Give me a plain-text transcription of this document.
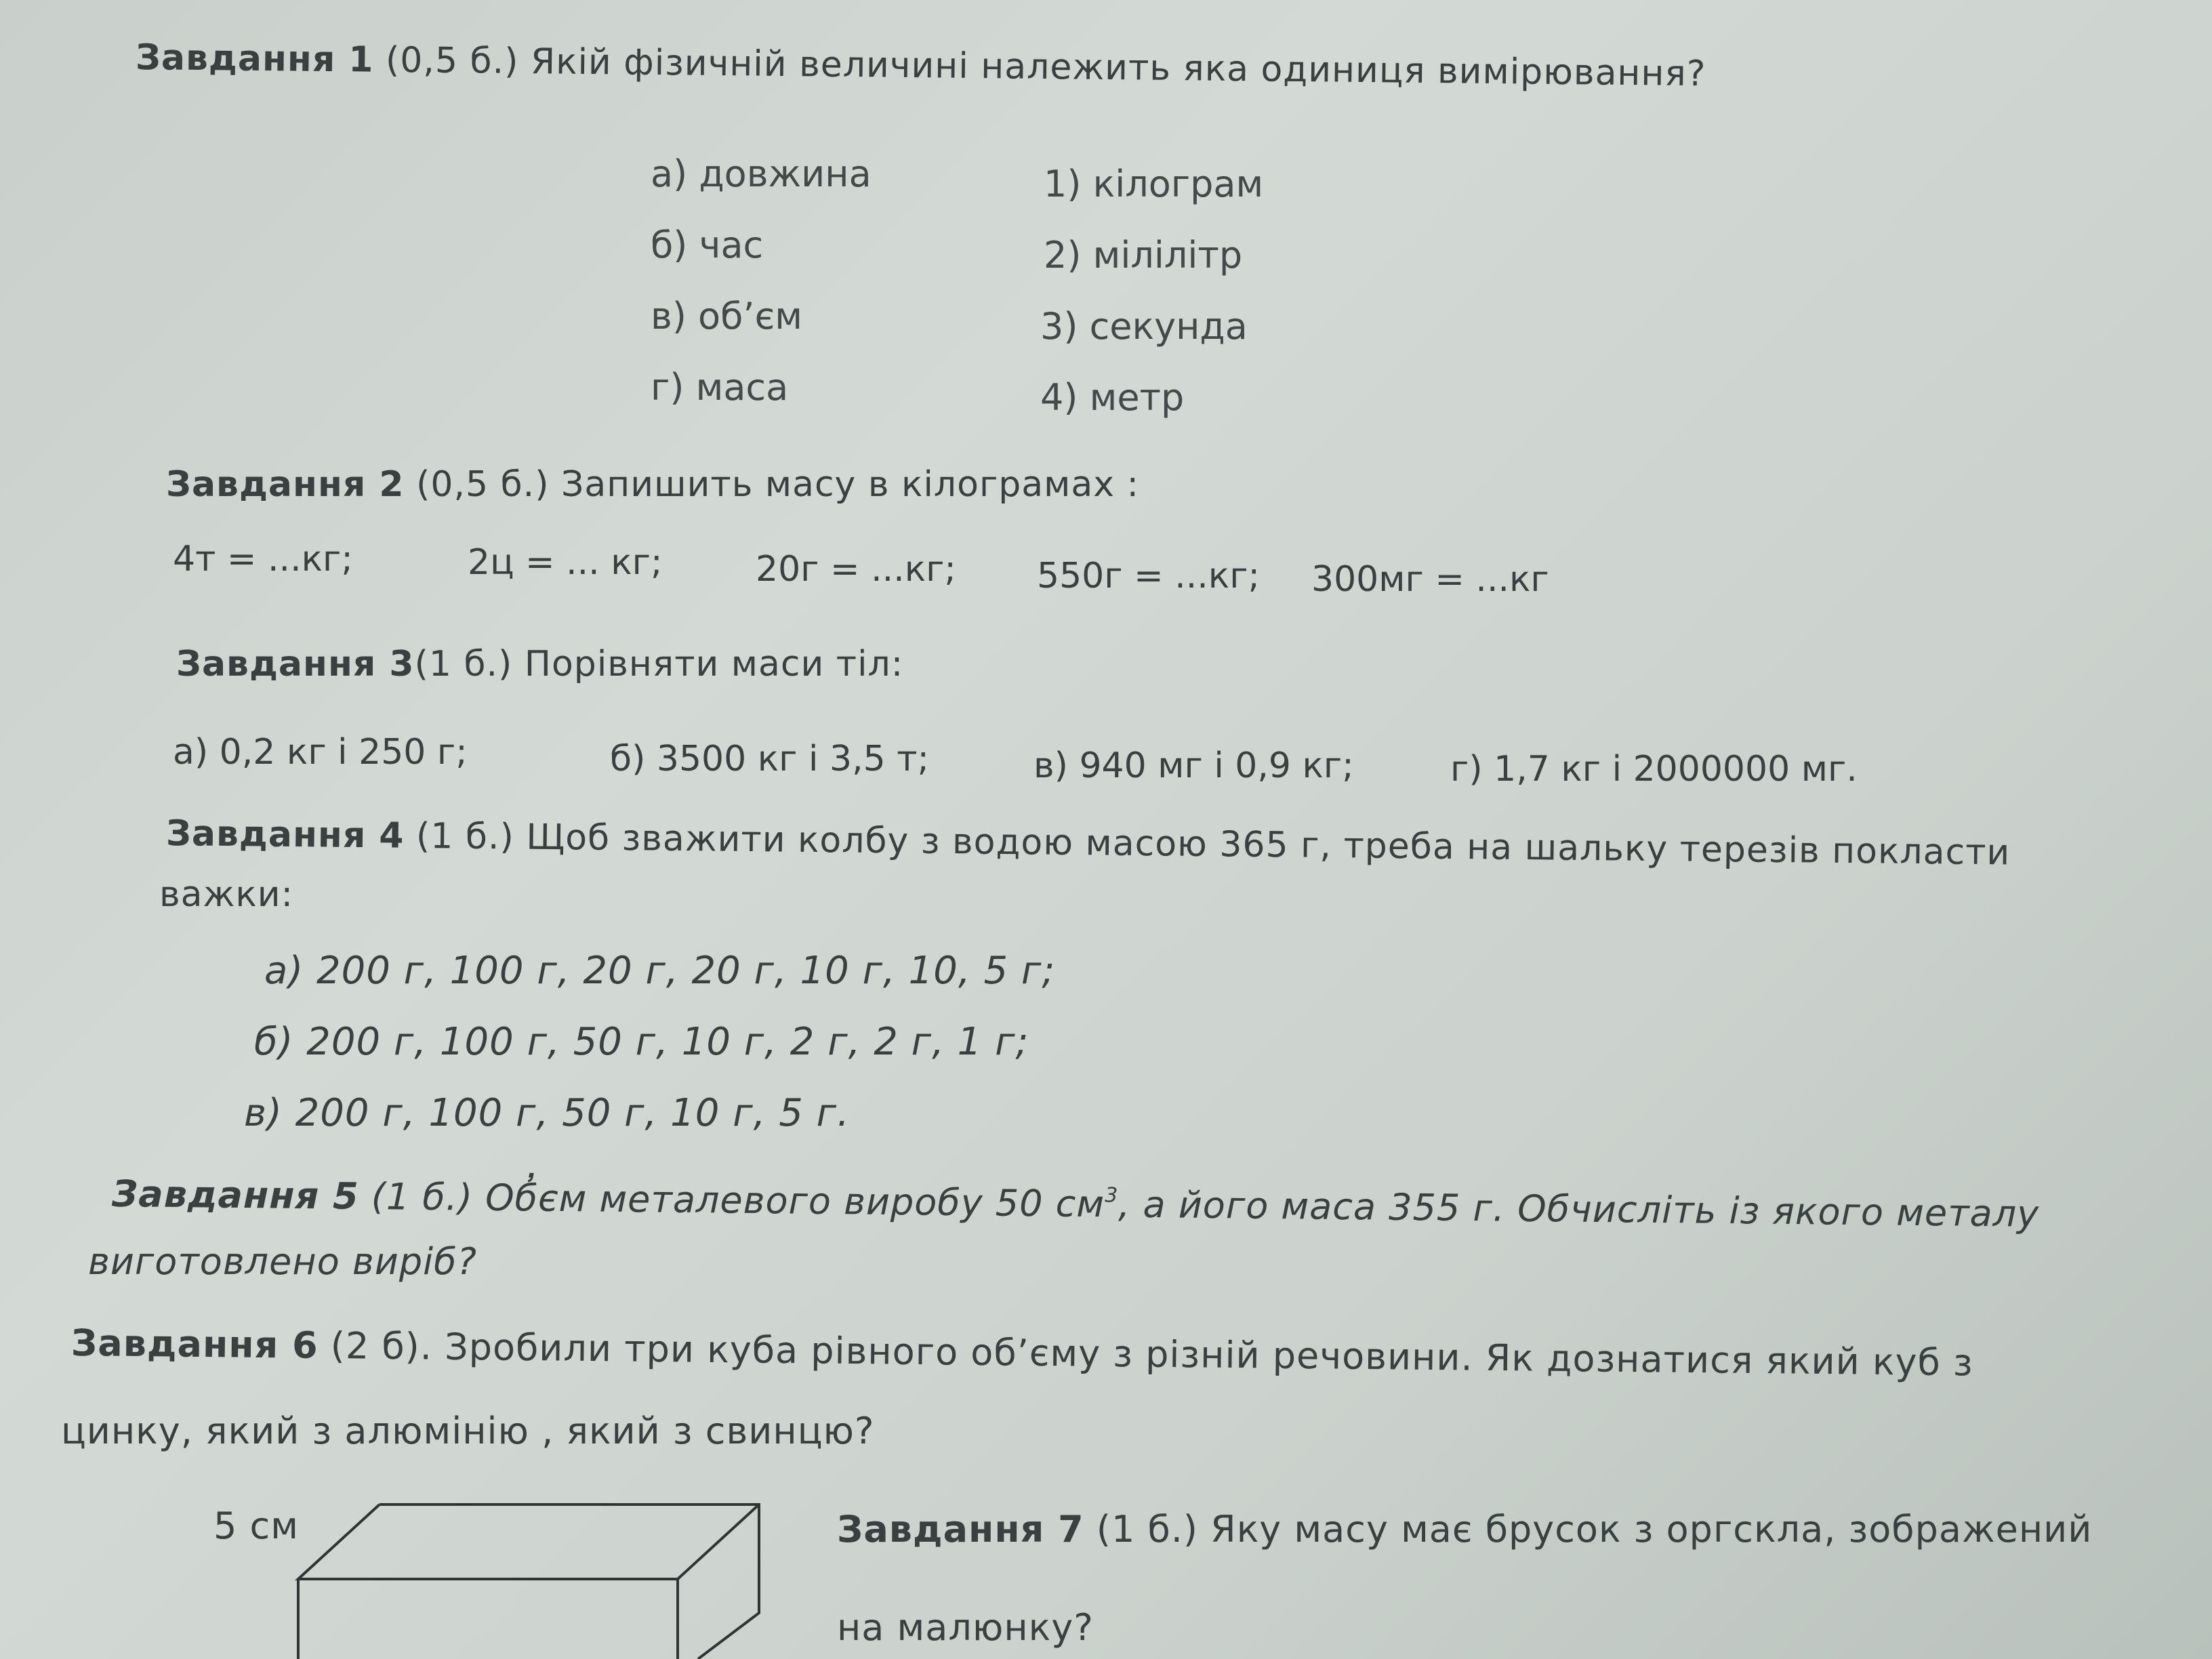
Завдання 1 (0,5 б.) Якій фізичній величині належить яка одиниця вимірювання?
а) довжина
б) час
в) об’єм
г) маса
1) кілограм
2) мілілітр
3) секунда
4) метр
Завдання 2 (0,5 б.) Запишить масу в кілограмах :
4т = ...кг;	2ц = ... кг;	20г = ...кг; 550г = ...кг; 300мг = ...кг
Завдання 3(1 б.) Порівняти маси тіл:
а) 0,2 кг і 250 г;	б) 3500 кг і 3,5 т;	в) 940 мг і 0,9 кг;	г) 1,7 кг і 2000000 мг.
Завдання 4 (1 б.) Щоб зважити колбу з водою масою 365 г, треба на шальку терезів покласти
важки:
а) 200 г, 100 г, 20 г, 20 г, 10 г, 10, 5 г;
б) 200 г, 100 г, 50 г, 10 г, 2 г, 2 г, 1 г;
в) 200 г, 100 г, 50 г, 10 г, 5 г.
Завдання 5 (1 б.) Об̓єм металевого виробу 50 $см^3$, а його маса 355 г. Обчисліть із якого металу
виготовлено виріб?
Завдання 6 (2 б). Зробили три куба рівного об’єму з різній речовини. Як дознатися який куб з
цинку, який з алюмінію , який з свинцю?
Завдання 7 (1 б.) Яку масу має брусок з оргскла, зображений
на малюнку?
5 см
